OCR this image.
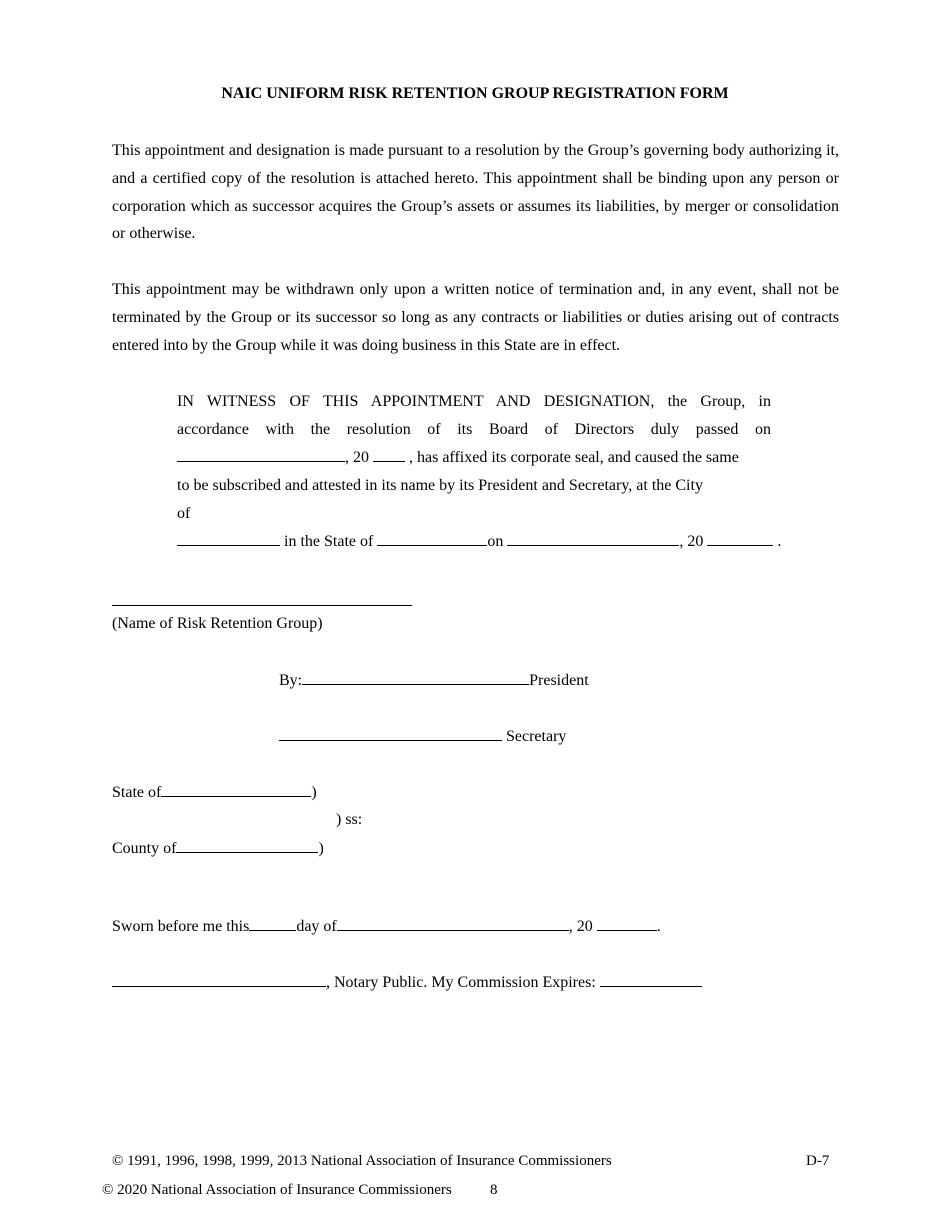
NAIC UNIFORM RISK RETENTION GROUP REGISTRATION FORM
This appointment and designation is made pursuant to a resolution by the Group’s governing body authorizing it, and a certified copy of the resolution is attached hereto. This appointment shall be binding upon any person or corporation which as successor acquires the Group’s assets or assumes its liabilities, by merger or consolidation or otherwise.
This appointment may be withdrawn only upon a written notice of termination and, in any event, shall not be terminated by the Group or its successor so long as any contracts or liabilities or duties arising out of contracts entered into by the Group while it was doing business in this State are in effect.
IN WITNESS OF THIS APPOINTMENT AND DESIGNATION, the Group, in
accordance with the resolution of its Board of Directors duly passed on
, 20	, has affixed its corporate seal, and caused the same
to be subscribed and attested in its name by its President and Secretary, at the City
of
in the State of	on	, 20	.
(Name of Risk Retention Group)
By:	President
Secretary
State of	)
) ss:
County of	)
Sworn before me this	day of	, 20	.
, Notary Public. My Commission Expires:
© 1991, 1996, 1998, 1999, 2013 National Association of Insurance Commissioners	D-7
© 2020 National Association of Insurance Commissioners	8
